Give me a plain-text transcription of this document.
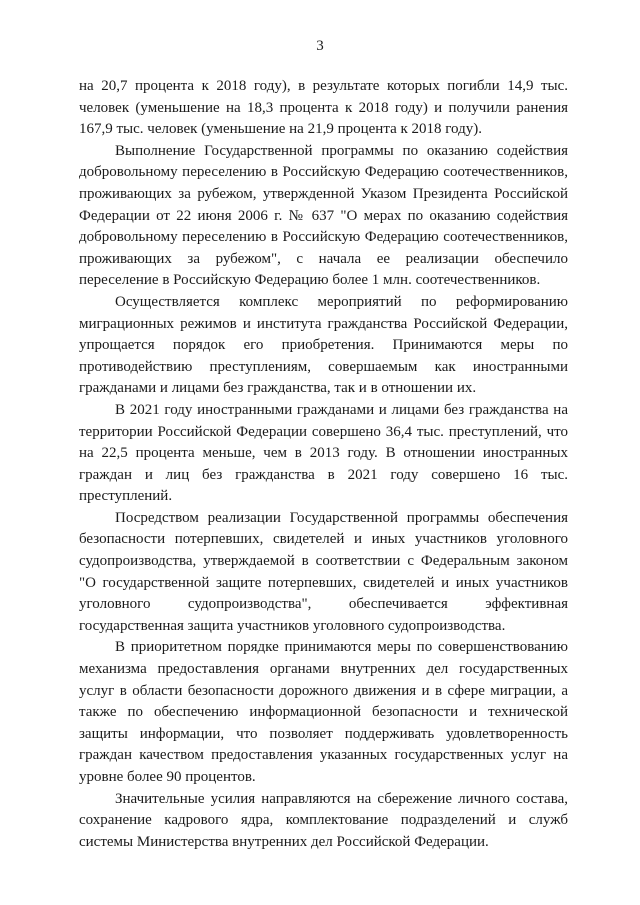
3

на 20,7 процента к 2018 году), в результате которых погибли 14,9 тыс. человек (уменьшение на 18,3 процента к 2018 году) и получили ранения 167,9 тыс. человек (уменьшение на 21,9 процента к 2018 году).

Выполнение Государственной программы по оказанию содействия добровольному переселению в Российскую Федерацию соотечественников, проживающих за рубежом, утвержденной Указом Президента Российской Федерации от 22 июня 2006 г. № 637 "О мерах по оказанию содействия добровольному переселению в Российскую Федерацию соотечественников, проживающих за рубежом", с начала ее реализации обеспечило переселение в Российскую Федерацию более 1 млн. соотечественников.

Осуществляется комплекс мероприятий по реформированию миграционных режимов и института гражданства Российской Федерации, упрощается порядок его приобретения. Принимаются меры по противодействию преступлениям, совершаемым как иностранными гражданами и лицами без гражданства, так и в отношении их.

В 2021 году иностранными гражданами и лицами без гражданства на территории Российской Федерации совершено 36,4 тыс. преступлений, что на 22,5 процента меньше, чем в 2013 году. В отношении иностранных граждан и лиц без гражданства в 2021 году совершено 16 тыс. преступлений.

Посредством реализации Государственной программы обеспечения безопасности потерпевших, свидетелей и иных участников уголовного судопроизводства, утверждаемой в соответствии с Федеральным законом "О государственной защите потерпевших, свидетелей и иных участников уголовного судопроизводства", обеспечивается эффективная государственная защита участников уголовного судопроизводства.

В приоритетном порядке принимаются меры по совершенствованию механизма предоставления органами внутренних дел государственных услуг в области безопасности дорожного движения и в сфере миграции, а также по обеспечению информационной безопасности и технической защиты информации, что позволяет поддерживать удовлетворенность граждан качеством предоставления указанных государственных услуг на уровне более 90 процентов.

Значительные усилия направляются на сбережение личного состава, сохранение кадрового ядра, комплектование подразделений и служб системы Министерства внутренних дел Российской Федерации.
